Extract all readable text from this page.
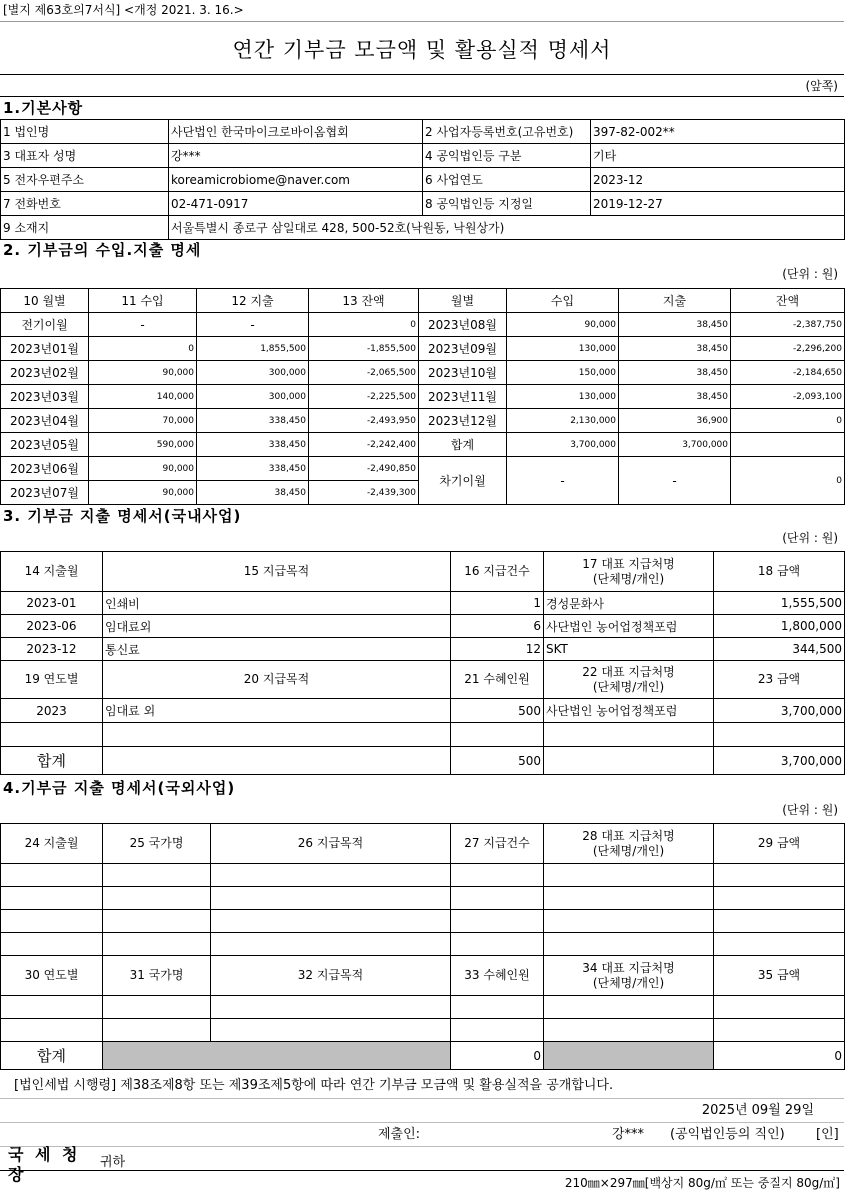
[별지 제63호의7서식] <개정 2021. 3. 16.>
연간 기부금 모금액 및 활용실적 명세서
(앞쪽)
1.기본사항
1 법인명	사단법인 한국마이크로바이옴협회	2 사업자등록번호(고유번호)	397-82-002**
3 대표자 성명	강***	4 공익법인등 구분	기타
5 전자우편주소	koreamicrobiome@naver.com	6 사업연도	2023-12
7 전화번호	02-471-0917	8 공익법인등 지정일	2019-12-27
9 소재지	서울특별시 종로구 삼일대로 428, 500-52호(낙원동, 낙원상가)		
2. 기부금의 수입.지출 명세
(단위 : 원)
10 월별	11 수입	12 지출	13 잔액	월별	수입	지출	잔액
전기이월	-	-	0	2023년08월	90,000	38,450	-2,387,750
2023년01월	0	1,855,500	-1,855,500	2023년09월	130,000	38,450	-2,296,200
2023년02월	90,000	300,000	-2,065,500	2023년10월	150,000	38,450	-2,184,650
2023년03월	140,000	300,000	-2,225,500	2023년11월	130,000	38,450	-2,093,100
2023년04월	70,000	338,450	-2,493,950	2023년12월	2,130,000	36,900	0
2023년05월	590,000	338,450	-2,242,400	합계	3,700,000	3,700,000	
2023년06월	90,000	338,450	-2,490,850	차기이월	-	-	0
2023년07월	90,000	38,450	-2,439,300				
3. 기부금 지출 명세서(국내사업)
(단위 : 원)
14 지출월	15 지급목적	16 지급건수	17 대표 지급처명
(단체명/개인)	18 금액

2023-01	인쇄비	1	경성문화사	1,555,500
2023-06	임대료외	6	사단법인 농어업정책포럼	1,800,000
2023-12	통신료	12	SKT	344,500

19 연도별	20 지급목적	21 수혜인원	22 대표 지급처명
(단체명/개인)	23 금액

2023	임대료 외	500	사단법인 농어업정책포럼	3,700,000

합계		500		3,700,000
4.기부금 지출 명세서(국외사업)
(단위 : 원)
24 지출월	25 국가명	26 지급목적	27 지급건수	28 대표 지급처명
(단체명/개인)	29 금액

30 연도별	31 국가명	32 지급목적	33 수혜인원	34 대표 지급처명
(단체명/개인)	35 금액

합계			0		0
[법인세법 시행령] 제38조제8항 또는 제39조제5항에 따라 연간 기부금 모금액 및 활용실적을 공개합니다.
2025년 09월 29일
제출인:	강*** (공익법인등의 직인) [인]
국 세 청 장
귀하
210㎜×297㎜[백상지 80g/㎡ 또는 중질지 80g/㎡]
